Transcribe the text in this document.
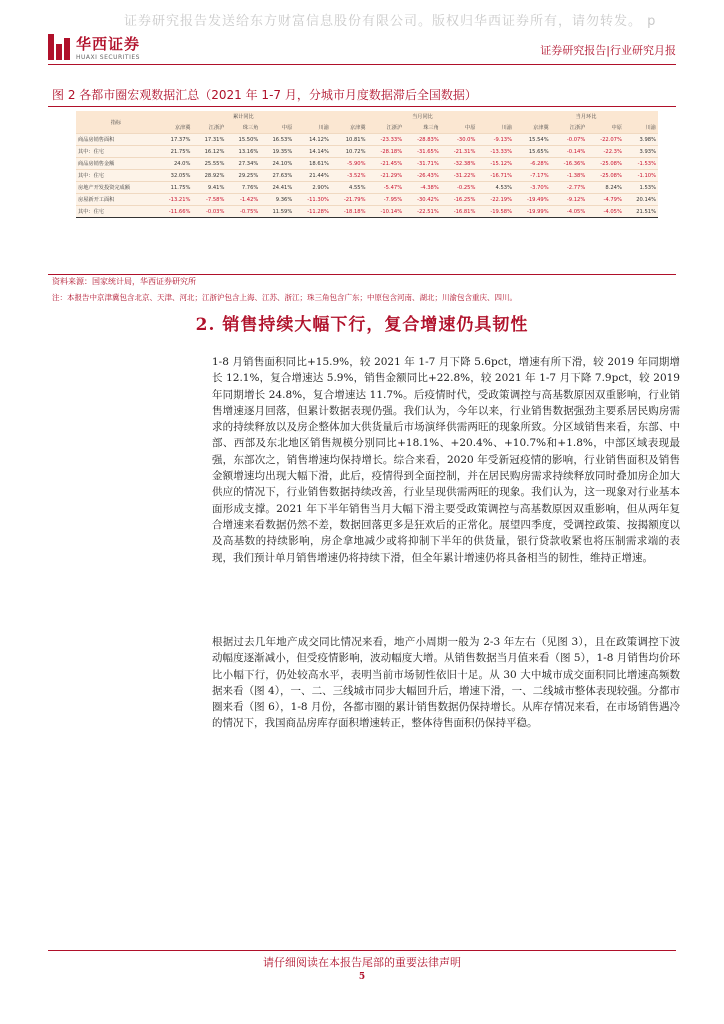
证券研究报告发送给东方财富信息股份有限公司。版权归华西证券所有，请勿转发。 p
华西证券
HUAXI SECURITIES
证券研究报告|行业研究月报
图 2 各都市圈宏观数据汇总（2021 年 1-7 月，分城市月度数据滞后全国数据）
指标	累计同比					当月同比					当月环比			
	京津冀	江浙沪	珠三角	中原	川渝	京津冀	江浙沪	珠三角	中原	川渝	京津冀	江浙沪	中原	川渝
商品房销售面积	17.37%	17.31%	15.50%	16.53%	14.12%	10.81%	-23.33%	-28.83%	-30.0%	-9.13%	15.54%	-0.07%	-22.07%	3.98%
其中：住宅	21.75%	16.12%	13.16%	19.35%	14.14%	10.72%	-28.18%	-31.65%	-21.31%	-13.33%	15.65%	-0.14%	-22.3%	3.93%
商品房销售金额	24.0%	25.55%	27.34%	24.10%	18.61%	-5.90%	-21.45%	-31.71%	-32.38%	-15.12%	-6.28%	-16.36%	-25.08%	-1.53%
其中：住宅	32.05%	28.92%	29.25%	27.63%	21.44%	-3.52%	-21.29%	-26.43%	-31.22%	-16.71%	-7.17%	-1.38%	-25.08%	-1.10%
房地产开发投资完成额	11.75%	9.41%	7.76%	24.41%	2.90%	4.55%	-5.47%	-4.38%	-0.25%	4.53%	-3.70%	-2.77%	8.24%	1.53%
房屋新开工面积	-13.21%	-7.58%	-1.42%	9.36%	-11.30%	-21.79%	-7.95%	-30.42%	-16.25%	-22.19%	-19.49%	-9.12%	-4.79%	20.14%
其中：住宅	-11.66%	-0.03%	-0.75%	11.59%	-11.28%	-18.18%	-10.14%	-22.51%	-16.81%	-19.58%	-19.99%	-4.05%	-4.05%	21.51%
资料来源：国家统计局，华西证券研究所
注：本报告中京津冀包含北京、天津、河北；江浙沪包含上海、江苏、浙江；珠三角包含广东；中原包含河南、湖北；川渝包含重庆、四川。
2. 销售持续大幅下行，复合增速仍具韧性
1-8 月销售面积同比+15.9%，较 2021 年 1-7 月下降 5.6pct，增速有所下滑，较 2019 年同期增长 12.1%，复合增速达 5.9%，销售金额同比+22.8%，较 2021 年 1-7 月下降 7.9pct，较 2019 年同期增长 24.8%，复合增速达 11.7%。后疫情时代，受政策调控与高基数原因双重影响，行业销售增速逐月回落，但累计数据表现仍强。我们认为，今年以来，行业销售数据强劲主要系居民购房需求的持续释放以及房企整体加大供货量后市场演绎供需两旺的现象所致。分区域销售来看，东部、中部、西部及东北地区销售规模分别同比+18.1%、+20.4%、+10.7%和+1.8%，中部区域表现最强，东部次之，销售增速均保持增长。综合来看，2020 年受新冠疫情的影响，行业销售面积及销售金额增速均出现大幅下滑，此后，疫情得到全面控制，并在居民购房需求持续释放同时叠加房企加大供应的情况下，行业销售数据持续改善，行业呈现供需两旺的现象。我们认为，这一现象对行业基本面形成支撑。2021 年下半年销售当月大幅下滑主要受政策调控与高基数原因双重影响，但从两年复合增速来看数据仍然不差，数据回落更多是狂欢后的正常化。展望四季度，受调控政策、按揭额度以及高基数的持续影响，房企拿地减少或将抑制下半年的供货量，银行贷款收紧也将压制需求端的表现，我们预计单月销售增速仍将持续下滑，但全年累计增速仍将具备相当的韧性，维持正增速。
根据过去几年地产成交同比情况来看，地产小周期一般为 2-3 年左右（见图 3），且在政策调控下波动幅度逐渐减小，但受疫情影响，波动幅度大增。从销售数据当月值来看（图 5），1-8 月销售均价环比小幅下行，仍处较高水平，表明当前市场韧性依旧十足。从 30 大中城市成交面积同比增速高频数据来看（图 4），一、二、三线城市同步大幅回升后，增速下滑，一、二线城市整体表现较强。分都市圈来看（图 6），1-8 月份，各都市圈的累计销售数据仍保持增长。从库存情况来看，在市场销售遇冷的情况下，我国商品房库存面积增速转正，整体待售面积仍保持平稳。
请仔细阅读在本报告尾部的重要法律声明
5
